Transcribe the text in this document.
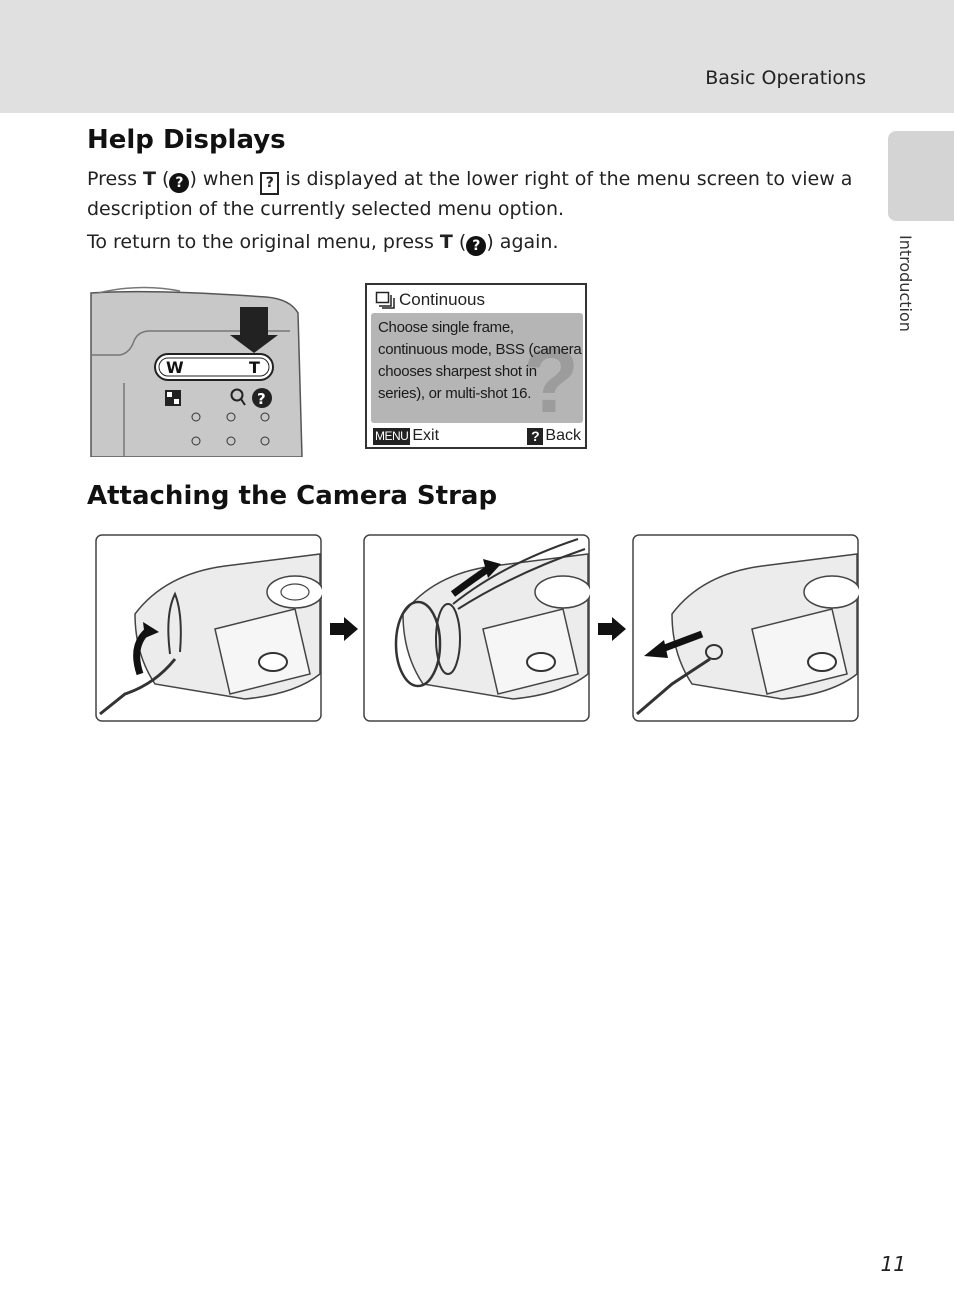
Basic Operations
Introduction
Help Displays

Press T ( ? ) when ? is displayed at the lower right of the menu screen to view a description of the currently selected menu option.

To return to the original menu, press T ( ? ) again.

W	T
?
Continuous
?
Choose single frame, continuous mode, BSS (camera chooses sharpest shot in series), or multi-shot 16.
MENU Exit	? Back
Attaching the Camera Strap
11
